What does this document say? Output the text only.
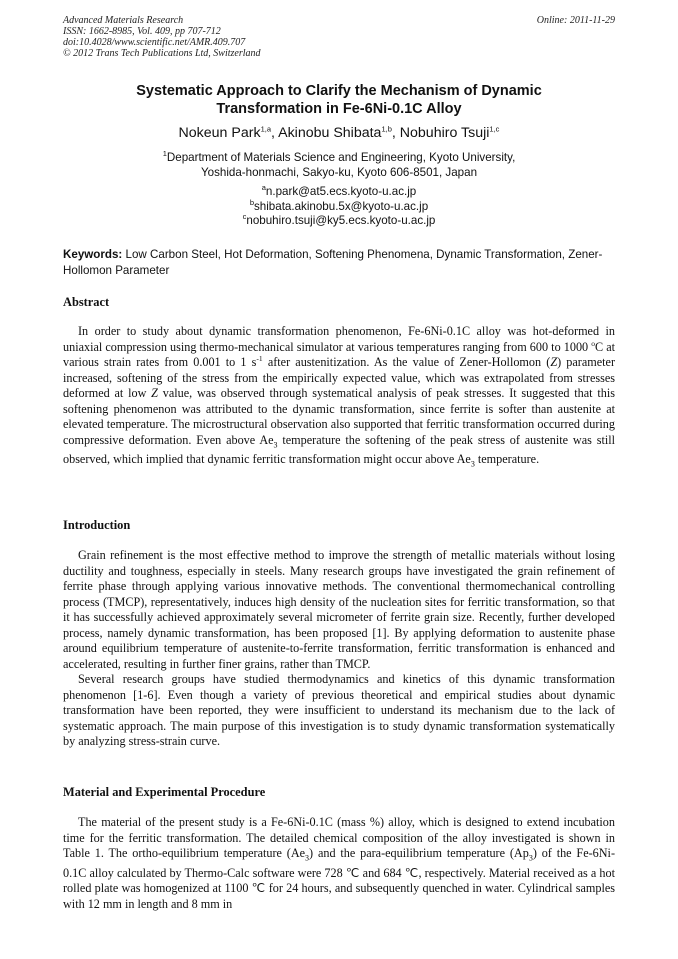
Advanced Materials Research
ISSN: 1662-8985, Vol. 409, pp 707-712
doi:10.4028/www.scientific.net/AMR.409.707
© 2012 Trans Tech Publications Ltd, Switzerland
Online: 2011-11-29
Systematic Approach to Clarify the Mechanism of Dynamic
Transformation in Fe-6Ni-0.1C Alloy
Nokeun Park$^{1,a}$, Akinobu Shibata$^{1,b}$, Nobuhiro Tsuji$^{1,c}$
$^1$Department of Materials Science and Engineering, Kyoto University,
Yoshida-honmachi, Sakyo-ku, Kyoto 606-8501, Japan
$^a$n.park@at5.ecs.kyoto-u.ac.jp
$^b$shibata.akinobu.5x@kyoto-u.ac.jp
$^c$nobuhiro.tsuji@ky5.ecs.kyoto-u.ac.jp
Keywords: Low Carbon Steel, Hot Deformation, Softening Phenomena, Dynamic Transformation, Zener-Hollomon Parameter
Abstract
In order to study about dynamic transformation phenomenon, Fe-6Ni-0.1C alloy was hot-deformed in uniaxial compression using thermo-mechanical simulator at various temperatures ranging from 600 to 1000 $^o$C at various strain rates from 0.001 to 1 $s^{-1}$ after austenitization. As the value of Zener-Hollomon (Z) parameter increased, softening of the stress from the empirically expected value, which was extrapolated from stresses deformed at low Z value, was observed through systematical analysis of peak stresses. It suggested that this softening phenomenon was attributed to the dynamic transformation, since ferrite is softer than austenite at elevated temperature. The microstructural observation also supported that ferritic transformation occurred during compressive deformation. Even above $Ae_3$ temperature the softening of the peak stress of austenite was still observed, which implied that dynamic ferritic transformation might occur above $Ae_3$ temperature.
Introduction

Grain refinement is the most effective method to improve the strength of metallic materials without losing ductility and toughness, especially in steels. Many research groups have investigated the grain refinement of ferrite phase through applying various innovative methods. The conventional thermomechanical controlling process (TMCP), representatively, induces high density of the nucleation sites for ferritic transformation, so that it has successfully achieved approximately several micrometer of ferrite grain size. Recently, further developed process, namely dynamic transformation, has been proposed [1]. By applying deformation to austenite phase around equilibrium temperature of austenite-to-ferrite transformation, ferritic transformation is enhanced and accelerated, resulting in further finer grains, rather than TMCP.

Several research groups have studied thermodynamics and kinetics of this dynamic transformation phenomenon [1-6]. Even though a variety of previous theoretical and empirical studies about dynamic transformation have been reported, they were insufficient to understand its mechanism due to the lack of systematic approach. The main purpose of this investigation is to study dynamic transformation systematically by analyzing stress-strain curve.

Material and Experimental Procedure
The material of the present study is a Fe-6Ni-0.1C (mass %) alloy, which is designed to extend incubation time for the ferritic transformation. The detailed chemical composition of the alloy investigated is shown in Table 1. The ortho-equilibrium temperature $(Ae_3)$ and the para-equilibrium temperature $(Ap_3)$ of the Fe-6Ni-0.1C alloy calculated by Thermo-Calc software were 728 ℃ and 684 ℃, respectively. Material received as a hot rolled plate was homogenized at 1100 ℃ for 24 hours, and subsequently quenched in water. Cylindrical samples with 12 mm in length and 8 mm in
